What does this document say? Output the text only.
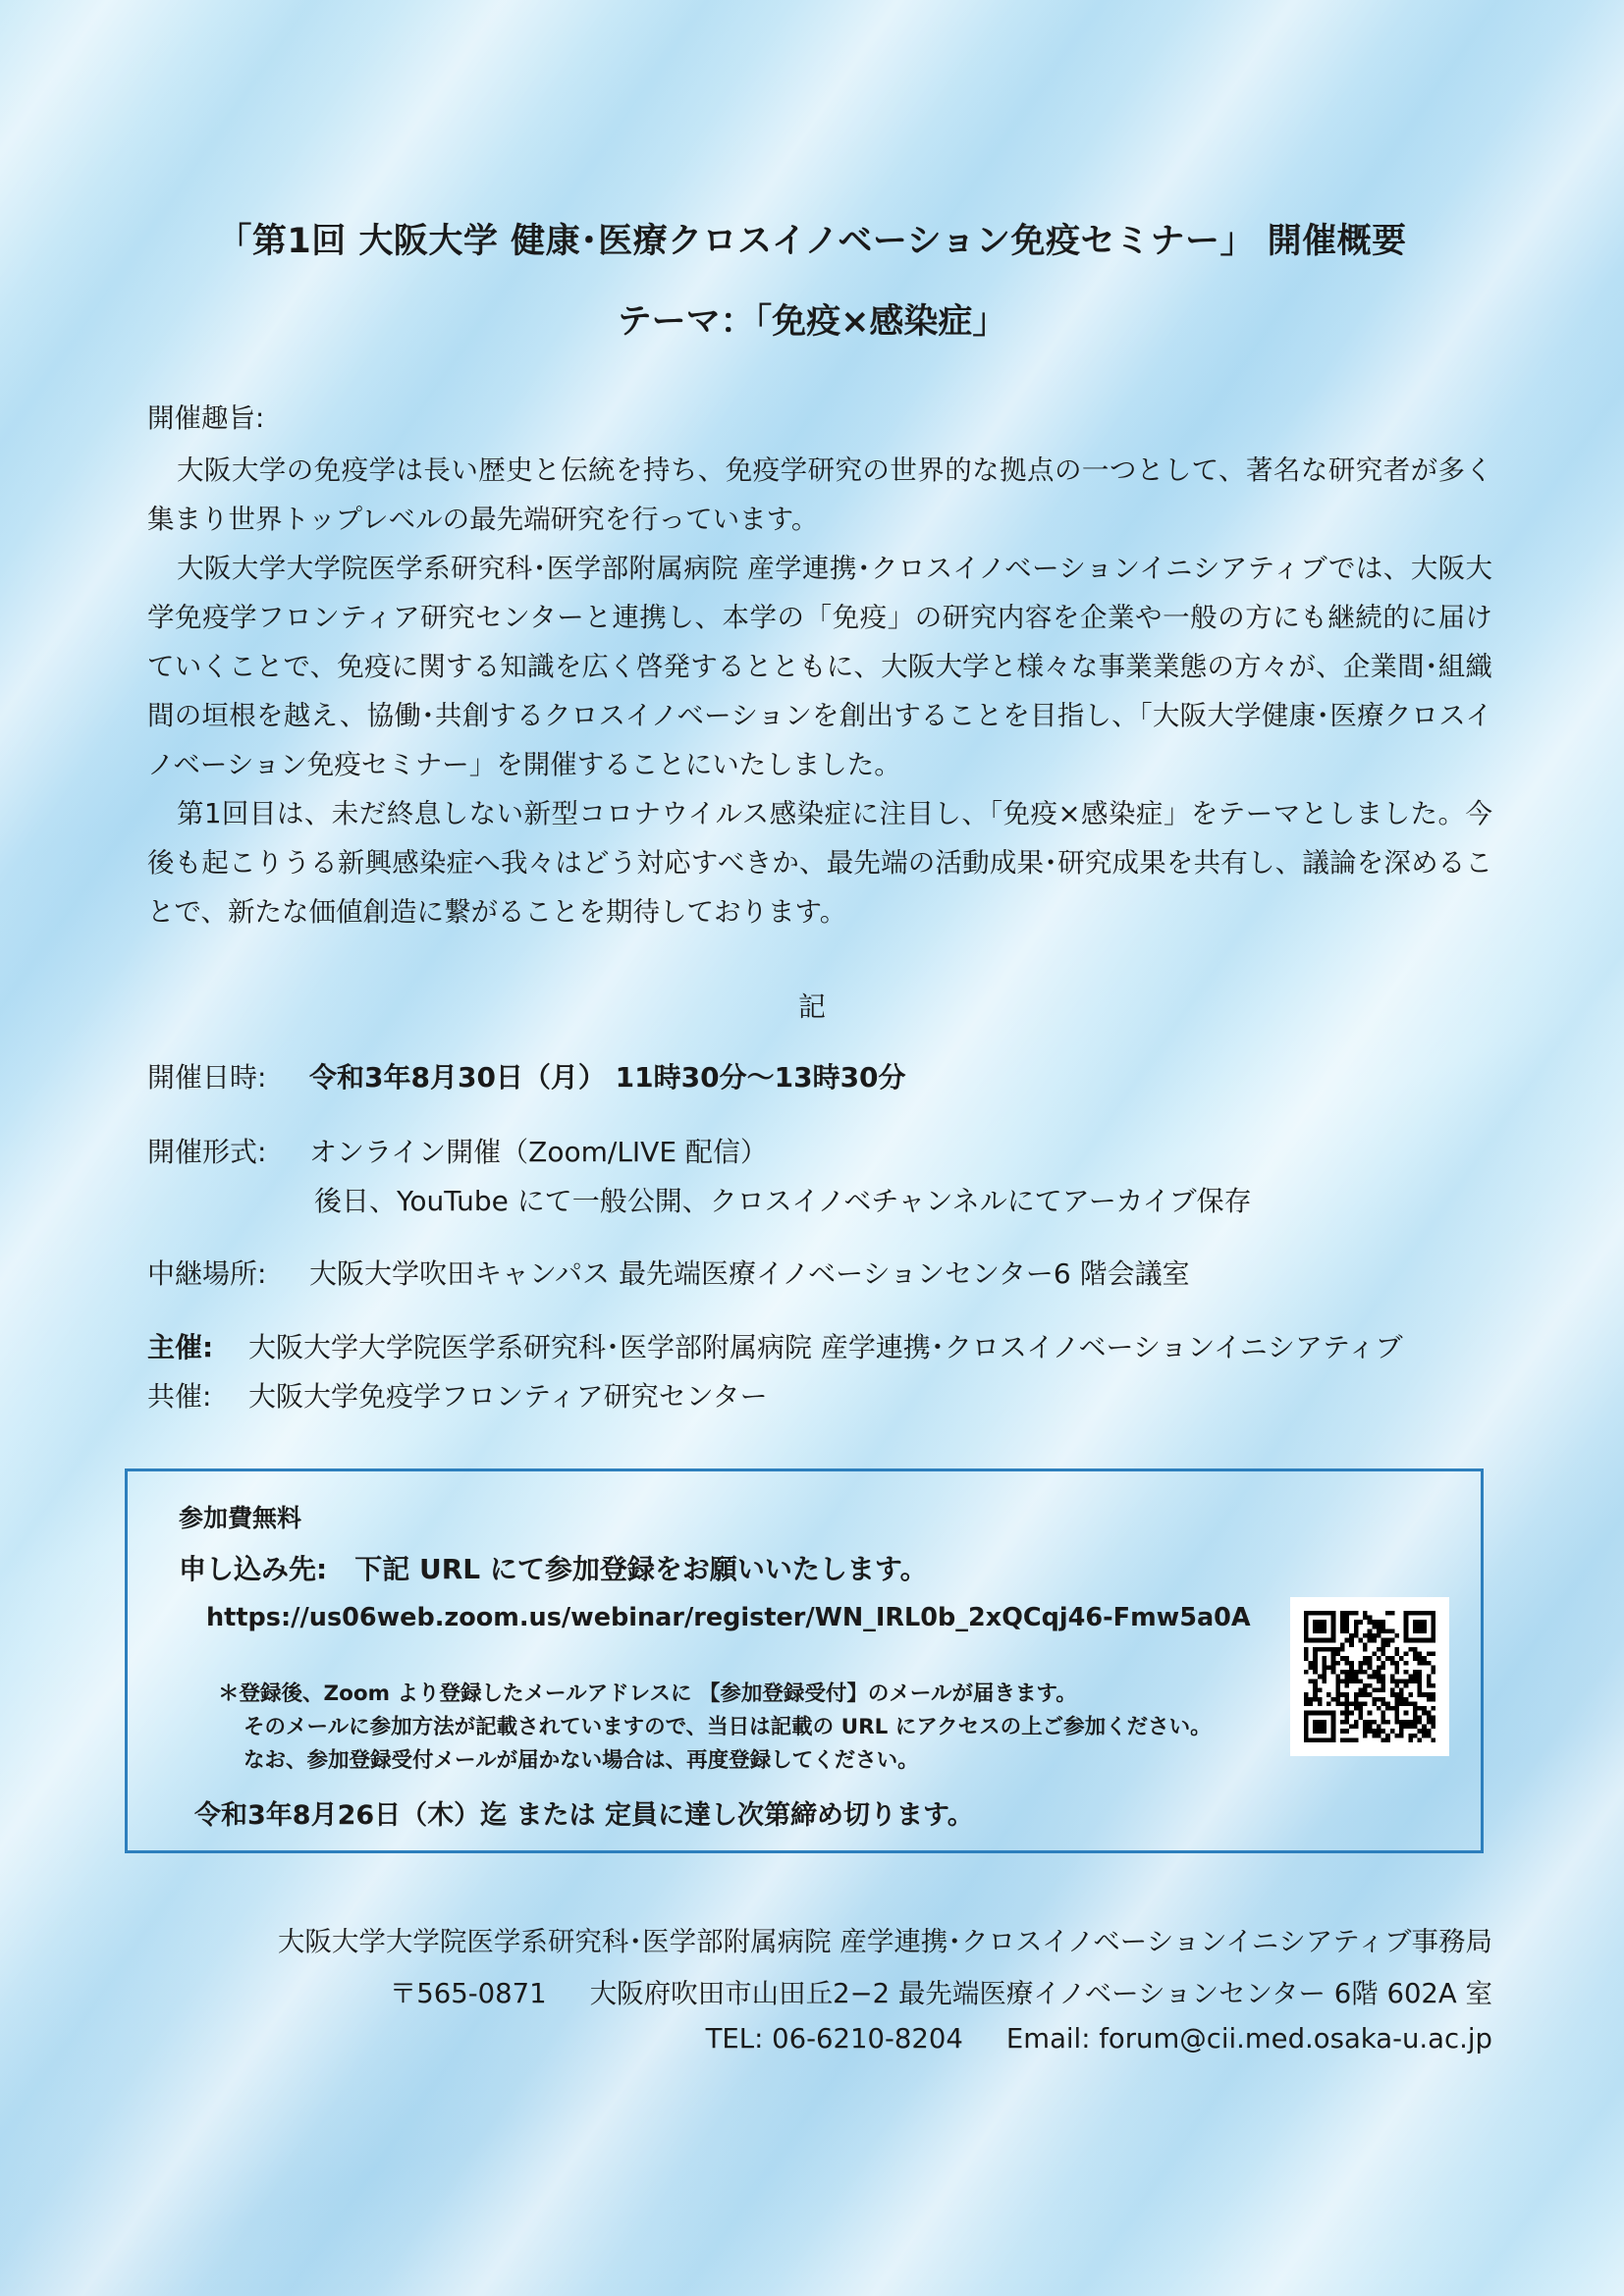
「第1回 大阪大学 健康･医療クロスイノベーション免疫セミナー」 開催概要
テーマ：「免疫×感染症」
開催趣旨:

大阪大学の免疫学は長い歴史と伝統を持ち、免疫学研究の世界的な拠点の一つとして、著名な研究者が多く集まり世界トップレベルの最先端研究を行っています。

大阪大学大学院医学系研究科･医学部附属病院 産学連携･クロスイノベーションイニシアティブでは、大阪大学免疫学フロンティア研究センターと連携し、本学の「免疫」の研究内容を企業や一般の方にも継続的に届けていくことで、免疫に関する知識を広く啓発するとともに、大阪大学と様々な事業業態の方々が、企業間･組織間の垣根を越え、協働･共創するクロスイノベーションを創出することを目指し、「大阪大学健康･医療クロスイノベーション免疫セミナー」を開催することにいたしました。

第1回目は、未だ終息しない新型コロナウイルス感染症に注目し、「免疫×感染症」をテーマとしました。今後も起こりうる新興感染症へ我々はどう対応すべきか、最先端の活動成果･研究成果を共有し、議論を深めることで、新たな価値創造に繋がることを期待しております。

記
開催日時: 令和3年8月30日（月） 11時30分～13時30分
開催形式: オンライン開催（Zoom/LIVE 配信）
後日、YouTube にて一般公開、クロスイノベチャンネルにてアーカイブ保存
中継場所: 大阪大学吹田キャンパス 最先端医療イノベーションセンター6 階会議室
主催: 大阪大学大学院医学系研究科･医学部附属病院 産学連携･クロスイノベーションイニシアティブ
共催: 大阪大学免疫学フロンティア研究センター
参加費無料
申し込み先: 下記 URL にて参加登録をお願いいたします。
https://us06web.zoom.us/webinar/register/WN_IRL0b_2xQCqj46-Fmw5a0A
＊登録後、Zoom より登録したメールアドレスに 【参加登録受付】のメールが届きます。
そのメールに参加方法が記載されていますので、当日は記載の URL にアクセスの上ご参加ください。
なお、参加登録受付メールが届かない場合は、再度登録してください。
令和3年8月26日（木）迄 または 定員に達し次第締め切ります。
大阪大学大学院医学系研究科･医学部附属病院 産学連携･クロスイノベーションイニシアティブ事務局
〒565-0871 大阪府吹田市山田丘2−2 最先端医療イノベーションセンター 6階 602A 室
TEL: 06-6210-8204 Email: forum@cii.med.osaka-u.ac.jp
